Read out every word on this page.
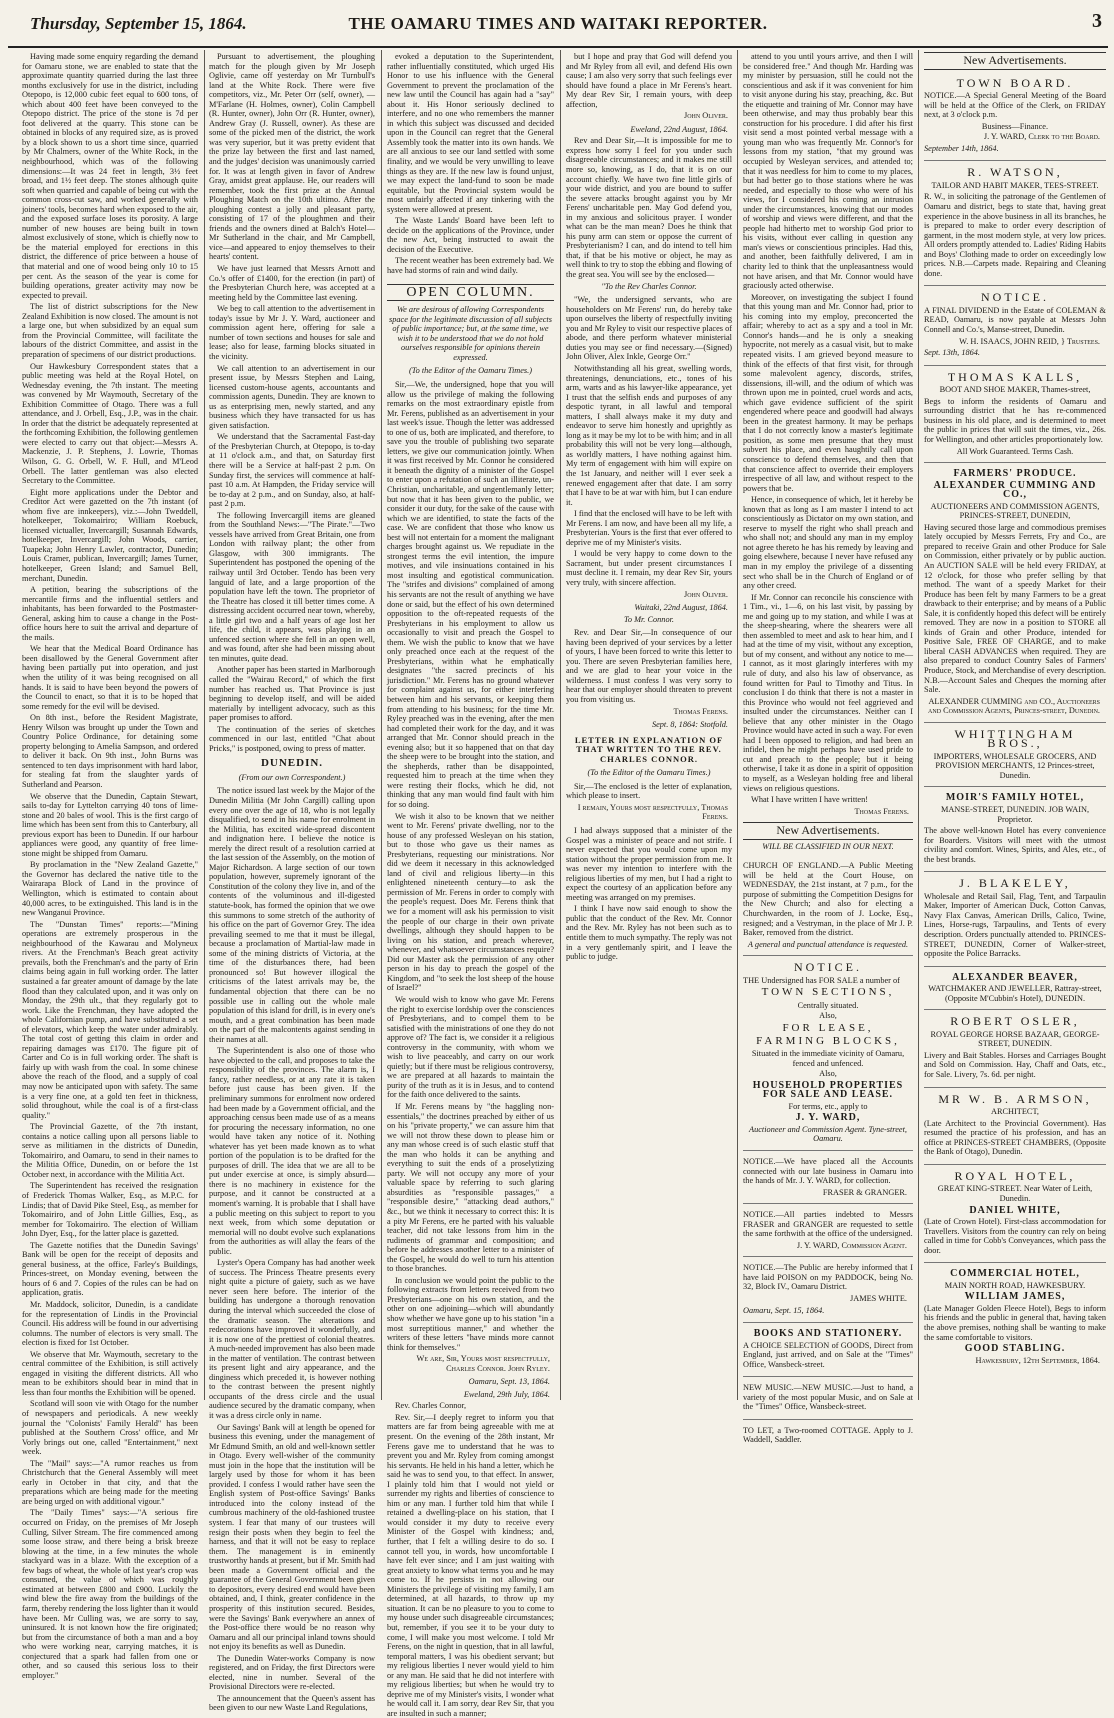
Thursday, September 15, 1864.	THE OAMARU TIMES AND WAITAKI REPORTER.	3

Having made some enquiry regarding the demand for Oamaru stone, we are enabled to state that the approximate quantity quarried during the last three months exclusively for use in the district, including Otepopo, is 12,000 cubic feet equal to 600 tons, of which about 400 feet have been conveyed to the Otepopo district. The price of the stone is 7d per foot delivered at the quarry. This stone can be obtained in blocks of any required size, as is proved by a block shown to us a short time since, quarried by Mr Chalmers, owner of the White Rock, in the neighbourhood, which was of the following dimensions:—It was 24 feet in length, 3½ feet broad, and 1½ feet deep. The stones although quite soft when quarried and capable of being cut with the common cross-cut saw, and worked generally with joiners' tools, becomes hard when exposed to the air, and the exposed surface loses its porosity. A large number of new houses are being built in town almost exclusively of stone, which is chiefly now to be the material employed for erections in this district, the difference of price between a house of that material and one of wood being only 10 to 15 per cent. As the season of the year is come for building operations, greater activity may now be expected to prevail.

The list of district subscriptions for the New Zealand Exhibition is now closed. The amount is not a large one, but when subsidized by an equal sum from the Provincial Committee, will facilitate the labours of the district Committee, and assist in the preparation of specimens of our district productions.

Our Hawkesbury Correspondent states that a public meeting was held at the Royal Hotel, on Wednesday evening, the 7th instant. The meeting was convened by Mr Waymouth, Secretary of the Exhibition Committee of Otago. There was a full attendance, and J. Orbell, Esq., J.P., was in the chair. In order that the district be adequately represented at the forthcoming Exhibition, the following gentlemen were elected to carry out that object:—Messrs A. Mackenzie, J. P. Stephens, J. Lowrie, Thomas Wilson, G. G. Orbell, W. F. Hull, and M'Leod Orbell. The latter gentleman was also elected Secretary to the Committee.

Eight more applications under the Debtor and Creditor Act were gazetted on the 7th instant (of whom five are innkeepers), viz.:—John Tweddell, hotelkeeper, Tokomairiro; William Roebuck, licensed victualler, Invercargill; Susannah Edwards, hotelkeeper, Invercargill; John Woods, carrier, Tuapeka; John Henry Lawler, contractor, Dunedin; Louis Cramer, publican, Invercargill; James Turner, hotelkeeper, Green Island; and Samuel Bell, merchant, Dunedin.

A petition, bearing the subscriptions of the mercantile firms and the influential settlers and inhabitants, has been forwarded to the Postmaster-General, asking him to cause a change in the Post-office hours here to suit the arrival and departure of the mails.

We hear that the Medical Board Ordinance has been disallowed by the General Government after having been partially put into operation, and just when the utility of it was being recognised on all hands. It is said to have been beyond the powers of the Council to enact, so that it is to be hoped that some remedy for the evil will be devised.

On 8th inst., before the Resident Magistrate, Henry Wilson was brought up under the Town and Country Police Ordinance, for detaining some property belonging to Amelia Sampson, and ordered to deliver it back. On 9th inst., John Burns was sentenced to ten days imprisonment with hard labor, for stealing fat from the slaughter yards of Sutherland and Pearson.

We observe that the Dunedin, Captain Stewart, sails to-day for Lyttelton carrying 40 tons of lime-stone and 20 bales of wool. This is the first cargo of lime which has been sent from this to Canterbury, all previous export has been to Dunedin. If our harbour appliances were good, any quantity of free lime-stone might be shipped from Oamaru.

By proclamation in the "New Zealand Gazette," the Governor has declared the native title to the Wairarapa Block of Land in the province of Wellington, which is estimated to contain about 40,000 acres, to be extinguished. This land is in the new Wanganui Province.

The "Dunstan Times" reports:—"Mining operations are extremely prosperous in the neighbourhood of the Kawarau and Molyneux rivers. At the Frenchman's Beach great activity prevails, both the Frenchman's and the party of Erin claims being again in full working order. The latter sustained a far greater amount of damage by the late flood than they calculated upon, and it was only on Monday, the 29th ult., that they regularly got to work. Like the Frenchman, they have adopted the whole Californian pump, and have substituted a set of elevators, which keep the water under admirably. The total cost of getting this claim in order and repairing damages was £170. The figure pit of Carter and Co is in full working order. The shaft is fairly up with wash from the coal. In some chinese above the reach of the flood, and a supply of coal may now be anticipated upon with safety. The same is a very fine one, at a gold ten feet in thickness, solid throughout, while the coal is of a first-class quality."

The Provincial Gazette, of the 7th instant, contains a notice calling upon all persons liable to serve as militiamen in the districts of Dunedin, Tokomairiro, and Oamaru, to send in their names to the Militia Office, Dunedin, on or before the 1st October next, in accordance with the Militia Act.

The Superintendent has received the resignation of Frederick Thomas Walker, Esq., as M.P.C. for Lindis; that of David Pike Steel, Esq., as member for Tokomairiro, and of John Little Gillies, Esq., as member for Tokomairiro. The election of William John Dyer, Esq., for the latter place is gazetted.

The Gazette notifies that the Dunedin Savings' Bank will be open for the receipt of deposits and general business, at the office, Farley's Buildings, Princes-street, on Monday evening, between the hours of 6 and 7. Copies of the rules can be had on application, gratis.

Mr. Maddock, solicitor, Dunedin, is a candidate for the representation of Lindis in the Provincial Council. His address will be found in our advertising columns. The number of electors is very small. The election is fixed for 1st October.

We observe that Mr. Waymouth, secretary to the central committee of the Exhibition, is still actively engaged in visiting the different districts. All who mean to be exhibitors should bear in mind that in less than four months the Exhibition will be opened.

Scotland will soon vie with Otago for the number of newspapers and periodicals. A new weekly journal the "Colonists' Family Herald" has been published at the Southern Cross' office, and Mr Vorly brings out one, called "Entertainment," next week.

The "Mail" says:—"A rumor reaches us from Christchurch that the General Assembly will meet early in October in that city, and that the preparations which are being made for the meeting are being urged on with additional vigour."

The "Daily Times" says:—"A serious fire occurred on Friday, on the premises of Mr Joseph Culling, Silver Stream. The fire commenced among some loose straw, and there being a brisk breeze blowing at the time, in a few minutes the whole stackyard was in a blaze. With the exception of a few bags of wheat, the whole of last year's crop was consumed, the value of which was roughly estimated at between £800 and £900. Luckily the wind blew the fire away from the buildings of the farm, thereby rendering the loss lighter than it would have been. Mr Culling was, we are sorry to say, uninsured. It is not known how the fire originated; but from the circumstance of both a man and a boy who were working near, carrying matches, it is conjectured that a spark had fallen from one or other, and so caused this serious loss to their employer."

Pursuant to advertisement, the ploughing match for the plough given by Mr Joseph Oglivie, came off yesterday on Mr Turnbull's land at the White Rock. There were five competitors, viz., Mr. Peter Orr (self, owner), — M'Farlane (H. Holmes, owner), Colin Campbell (R. Hunter, owner), John Orr (R. Hunter, owner), Andrew Gray (J. Russell, owner). As these are some of the picked men of the district, the work was very superior, but it was pretty evident that the prize lay between the first and last named, and the judges' decision was unanimously carried for. It was at length given in favor of Andrew Gray, amidst great applause. He, our readers will remember, took the first prize at the Annual Ploughing Match on the 10th ultimo. After the ploughing contest a jolly and pleasant party, consisting of 17 of the ploughmen and their friends and the owners dined at Balch's Hotel—Mr Sutherland in the chair, and Mr Campbell, vice—and appeared to enjoy themselves to their hearts' content.

We have just learned that Messrs Arnott and Co.'s offer of £1400, for the erection (in part) of the Presbyterian Church here, was accepted at a meeting held by the Committee last evening.

We beg to call attention to the advertisement in today's issue by Mr J. Y. Ward, auctioneer and commission agent here, offering for sale a number of town sections and houses for sale and lease; also for lease, farming blocks situated in the vicinity.

We call attention to an advertisement in our present issue, by Messrs Stephen and Laing, licensed custom-house agents, accountants and commission agents, Dunedin. They are known to us as enterprising men, newly started, and any business which they have transacted for us has given satisfaction.

We understand that the Sacramental Fast-day of the Presbyterian Church, at Otepopo, is to-day at 11 o'clock a.m., and that, on Saturday first there will be a Service at half-past 2 p.m. On Sunday first, the services will commence at half-past 10 a.m. At Hampden, the Friday service will be to-day at 2 p.m., and on Sunday, also, at half-past 2 p.m.

The following Invercargill items are gleaned from the Southland News:—"The Pirate."—Two vessels have arrived from Great Britain, one from London with railway plant; the other from Glasgow, with 300 immigrants. The Superintendent has postponed the opening of the railway until 3rd October. Tendo has been very languid of late, and a large proportion of the population have left the town. The proprietor of the Theatre has closed it till better times come. A distressing accident occurred near town, whereby, a little girl two and a half years of age lost her life, the child, it appears, was playing in an unfenced section where she fell in an open well, and was found, after she had been missing about ten minutes, quite dead.

Another paper has been started in Marlborough called the "Wairau Record," of which the first number has reached us. That Province is just beginning to develop itself, and will be aided materially by intelligent advocacy, such as this paper promises to afford.

The continuation of the series of sketches commenced in our last, entitled "Chat about Pricks," is postponed, owing to press of matter.

DUNEDIN.

(From our own Correspondent.)

The notice issued last week by the Major of the Dunedin Militia (Mr John Cargill) calling upon every one over the age of 18, who is not legally disqualified, to send in his name for enrolment in the Militia, has excited wide-spread discontent and indignation here. I believe the notice is merely the direct result of a resolution carried at the last session of the Assembly, on the motion of Major Richardson. A large section of our town population, however, supremely ignorant of the Constitution of the colony they live in, and of the contents of the voluminous and ill-digested statute-book, has formed the opinion that we owe this summons to some stretch of the authority of his office on the part of Governor Grey. The idea prevailing seemed to me that it must be illegal, because a proclamation of Martial-law made in some of the mining districts of Victoria, at the time of the disturbances there, had been pronounced so! But however illogical the criticisms of the latest arrivals may be, the fundamental objection that there can be no possible use in calling out the whole male population of this island for drill, is in every one's mouth, and a great combination has been made on the part of the malcontents against sending in their names at all.

The Superintendent is also one of those who have objected to the call, and proposes to take the responsibility of the provinces. The alarm is, I fancy, rather needless, or at any rate it is taken before just cause has been given. If the preliminary summons for enrolment now ordered had been made by a Government official, and the approaching census been made use of as a means for procuring the necessary information, no one would have taken any notice of it. Nothing whatever has yet been made known as to what portion of the population is to be drafted for the purposes of drill. The idea that we are all to be put under exercise at once, is simply absurd—there is no machinery in existence for the purpose, and it cannot be constructed at a moment's warning. It is probable that I shall have a public meeting on this subject to report to you next week, from which some deputation or memorial will no doubt evolve such explanations from the authorities as will allay the fears of the public.

Lyster's Opera Company has had another week of success. The Princess Theatre presents every night quite a picture of gaiety, such as we have never seen here before. The interior of the building has undergone a thorough renovation during the interval which succeeded the close of the dramatic season. The alterations and redecorations have improved it wonderfully, and it is now one of the prettiest of colonial theatres. A much-needed improvement has also been made in the matter of ventilation. The contrast between its present light and airy appearance, and the dinginess which preceded it, is however nothing to the contrast between the present nightly occupants of the dress circle and the usual audience secured by the dramatic company, when it was a dress circle only in name.

Our Savings' Bank will at length be opened for business this evening, under the management of Mr Edmund Smith, an old and well-known settler in Otago. Every well-wisher of the community must join in the hope that the institution will be largely used by those for whom it has been provided. I confess I would rather have seen the English system of Post-office Savings' Banks introduced into the colony instead of the cumbrous machinery of the old-fashioned trustee system. I fear that many of our trustees will resign their posts when they begin to feel the harness, and that it will not be easy to replace them. The management is in eminently trustworthy hands at present, but if Mr. Smith had been made a Government official and the guarantee of the General Government been given to depositors, every desired end would have been obtained, and, I think, greater confidence in the prosperity of this institution secured. Besides, were the Savings' Bank everywhere an annex of the Post-office there would be no reason why Oamaru and all our principal inland towns should not enjoy its benefits as well as Dunedin.

The Dunedin Water-works Company is now registered, and on Friday, the first Directors were elected, nine in number. Several of the Provisional Directors were re-elected.

The announcement that the Queen's assent has been given to our new Waste Land Regulations,

evoked a deputation to the Superintendent, rather influentially constituted, which urged His Honor to use his influence with the General Government to prevent the proclamation of the new law until the Council has again had a "say" about it. His Honor seriously declined to interfere, and no one who remembers the manner in which this subject was discussed and decided upon in the Council can regret that the General Assembly took the matter into its own hands. We are all anxious to see our land settled with some finality, and we would be very unwilling to leave things as they are. If the new law is found unjust, we may expect the land-fund to soon be made equitable, but the Provincial system would be most unfairly affected if any tinkering with the system were allowed at present.

The Waste Lands' Board have been left to decide on the applications of the Province, under the new Act, being instructed to await the decision of the Executive.

The recent weather has been extremely bad. We have had storms of rain and wind daily.

OPEN COLUMN.

We are desirous of allowing Correspondents space for the legitimate discussion of all subjects of public importance; but, at the same time, we wish it to be understood that we do not hold ourselves responsible for opinions therein expressed.

(To the Editor of the Oamaru Times.)

Sir,—We, the undersigned, hope that you will allow us the privilege of making the following remarks on the most extraordinary epistle from Mr. Ferens, published as an advertisement in your last week's issue. Though the letter was addressed to one of us, both are implicated, and therefore, to save you the trouble of publishing two separate letters, we give our communication jointly. When it was first received by Mr. Connor he considered it beneath the dignity of a minister of the Gospel to enter upon a refutation of such an illiterate, un-Christian, uncharitable, and ungentlemanly letter; but now that it has been given to the public, we consider it our duty, for the sake of the cause with which we are identified, to state the facts of the case. We are confident that those who know us best will not entertain for a moment the malignant charges brought against us. We repudiate in the strongest terms the evil intention, the impure motives, and vile insinuations contained in his most insulting and egotistical communication. The "strifes and divisions" complained of among his servants are not the result of anything we have done or said, but the effect of his own determined opposition to the oft-repeated requests of the Presbyterians in his employment to allow us occasionally to visit and preach the Gospel to them. We wish the public to know that we have only preached once each at the request of the Presbyterians, within what he emphatically designates "the sacred precincts of his jurisdiction." Mr. Ferens has no ground whatever for complaint against us, for either interfering between him and his servants, or keeping them from attending to his business; for the time Mr. Ryley preached was in the evening, after the men had completed their work for the day, and it was arranged that Mr. Connor should preach in the evening also; but it so happened that on that day the sheep were to be brought into the station, and the shepherds, rather than be disappointed, requested him to preach at the time when they were resting their flocks, which he did, not thinking that any man would find fault with him for so doing.

We wish it also to be known that we neither went to Mr. Ferens' private dwelling, nor to the house of any professed Wesleyan on his station, but to those who gave us their names as Presbyterians, requesting our ministrations. Nor did we deem it necessary in this acknowledged land of civil and religious liberty—in this enlightened nineteenth century—to ask the permission of Mr. Ferens in order to comply with the people's request. Does Mr. Ferens think that we for a moment will ask his permission to visit the people of our charge in their own private dwellings, although they should happen to be living on his station, and preach wherever, whenever, and whatsoever circumstances require? Did our Master ask the permission of any other person in his day to preach the gospel of the Kingdom, and "to seek the lost sheep of the house of Israel?"

We would wish to know who gave Mr. Ferens the right to exercise lordship over the consciences of Presbyterians, and to compel them to be satisfied with the ministrations of one they do not approve of? The fact is, we consider it a religious controversy in the community, with whom we wish to live peaceably, and carry on our work quietly; but if there must be religious controversy, we are prepared at all hazards to maintain the purity of the truth as it is in Jesus, and to contend for the faith once delivered to the saints.

If Mr. Ferens means by "the haggling non-essentials," the doctrines preached by either of us on his "private property," we can assure him that we will not throw these down to please him or any man whose creed is of such elastic stuff that the man who holds it can be anything and everything to suit the ends of a proselytizing party. We will not occupy any more of your valuable space by referring to such glaring absurdities as "responsible passages," a "responsible desire," "attacking dead authors," &c., but we think it necessary to correct this: It is a pity Mr Ferens, ere he parted with his valuable teacher, did not take lessons from him in the rudiments of grammar and composition; and before he addresses another letter to a minister of the Gospel, he would do well to turn his attention to those branches.

In conclusion we would point the public to the following extracts from letters received from two Presbyterians—one on his own station, and the other on one adjoining—which will abundantly show whether we have gone up to his station "in a most surreptitious manner," and whether the writers of these letters "have minds more cannot think for themselves."

We are, Sir, Yours most respectfully, Charles Connor. John Ryley.

Oamaru, Sept. 13, 1864.

Eweland, 29th July, 1864.

Rev. Charles Connor,

Rev. Sir,—I deeply regret to inform you that matters are far from being agreeable with me at present. On the evening of the 28th instant, Mr Ferens gave me to understand that he was to prevent you and Mr. Ryley from coming amongst his servants. He held in his hand a letter, which he said he was to send you, to that effect. In answer, I plainly told him that I would not yield or surrender my rights and liberties of conscience to him or any man. I further told him that while I retained a dwelling-place on his station, that I would consider it my duty to receive every Minister of the Gospel with kindness; and, further, that I felt a willing desire to do so. I cannot tell you, in words, how uncomfortable I have felt ever since; and I am just waiting with great anxiety to know what terms you and he may come to. If he persists in not allowing our Ministers the privilege of visiting my family, I am determined, at all hazards, to throw up my situation. It can be no pleasure to you to come to my house under such disagreeable circumstances; but, remember, if you see it to be your duty to come, I will make you most welcome. I told Mr Ferens, on the night in question, that in all lawful, temporal matters, I was his obedient servant; but my religious liberties I never would yield to him or any man. He said that he did not interfere with my religious liberties; but when he would try to deprive me of my Minister's visits, I wonder what he would call it. I am sorry, dear Rev Sir, that you are insulted in such a manner;

but I hope and pray that God will defend you and Mr Ryley from all evil, and defend His own cause; I am also very sorry that such feelings ever should have found a place in Mr Ferens's heart. My dear Rev Sir, I remain yours, with deep affection,

John Oliver.

Eweland, 22nd August, 1864.

Rev and Dear Sir,—It is impossible for me to express how sorry I feel for you under such disagreeable circumstances; and it makes me still more so, knowing, as I do, that it is on our account chiefly. We have two fine little girls of your wide district, and you are bound to suffer the severe attacks brought against you by Mr Ferens' uncharitable pen. May God defend you, in my anxious and solicitous prayer. I wonder what can be the man mean? Does he think that his puny arm can stem or oppose the current of Presbyterianism? I can, and do intend to tell him that, if that be his motive or object, he may as well think to try to stop the ebbing and flowing of the great sea. You will see by the enclosed—

"To the Rev Charles Connor.

"We, the undersigned servants, who are householders on Mr Ferens' run, do hereby take upon ourselves the liberty of respectfully inviting you and Mr Ryley to visit our respective places of abode, and there perform whatever ministerial duties you may see or find necessary.—(Signed) John Oliver, Alex Inkle, George Orr."

Notwithstanding all his great, swelling words, threatenings, denunciations, etc., tones of his arm, warts and as his lawyer-like appearance, yet I trust that the selfish ends and purposes of any despotic tyrant, in all lawful and temporal matters, I shall always make it my duty and endeavor to serve him honestly and uprightly as long as it may be my lot to be with him; and in all probability this will not be very long—although, as worldly matters, I have nothing against him. My term of engagement with him will expire on the 1st January, and neither will I ever seek a renewed engagement after that date. I am sorry that I have to be at war with him, but I can endure it.

I find that the enclosed will have to be left with Mr Ferens. I am now, and have been all my life, a Presbyterian. Yours is the first that ever offered to deprive me of my Minister's visits.

I would be very happy to come down to the Sacrament, but under present circumstances I must decline it. I remain, my dear Rev Sir, yours very truly, with sincere affection.

John Oliver.

Waitaki, 22nd August, 1864.

To Mr. Connor.

Rev. and Dear Sir,—In consequence of our having been deprived of your services by a letter of yours, I have been forced to write this letter to you. There are seven Presbyterian families here, and we are glad to hear your voice in the wilderness. I must confess I was very sorry to hear that our employer should threaten to prevent you from visiting us.

Thomas Ferens.

Sept. 8, 1864: Stotfold.

LETTER IN EXPLANATION OF THAT WRITTEN TO THE REV. CHARLES CONNOR.

(To the Editor of the Oamaru Times.)

Sir,—The enclosed is the letter of explanation, which please to insert.

I remain, Yours most respectfully, Thomas Ferens.

I had always supposed that a minister of the Gospel was a minister of peace and not strife. I never expected that you would come upon my station without the proper permission from me. It was never my intention to interfere with the religious liberties of my men, but I had a right to expect the courtesy of an application before any meeting was arranged on my premises.

I think I have now said enough to show the public that the conduct of the Rev. Mr. Connor and the Rev. Mr. Ryley has not been such as to entitle them to much sympathy. The reply was not in a very gentlemanly spirit, and I leave the public to judge.

attend to you until yours arrive, and then I will be considered free." And though Mr. Harding was my minister by persuasion, still he could not the conscientious and ask if it was convenient for him to visit anyone during his stay, preaching, &c. But the etiquette and training of Mr. Connor may have been otherwise, and may thus probably bear this construction for his procedure. I did after his first visit send a most pointed verbal message with a young man who was frequently Mr. Connor's for lessons from my station, "that my ground was occupied by Wesleyan services, and attended to; that it was needless for him to come to my places, but had better go to those stations where he was needed, and especially to those who were of his views, for I considered his coming an intrusion under the circumstances, knowing that our modes of worship and views were different, and that the people had hitherto met to worship God prior to his visits, without ever calling in question any man's views or conscientious principles. Had this, and another, been faithfully delivered, I am in charity led to think that the unpleasantness would not have arisen, and that Mr. Connor would have graciously acted otherwise.

Moreover, on investigating the subject I found that this young man and Mr. Connor had, prior to his coming into my employ, preconcerted the affair; whereby to act as a spy and a tool in Mr. Connor's hands—and he is only a sneaking hypocrite, not merely as a casual visit, but to make repeated visits. I am grieved beyond measure to think of the effects of that first visit, for through some malevolent agency, discords, strifes, dissensions, ill-will, and the odium of which was thrown upon me in pointed, cruel words and acts, which gave evidence sufficient of the spirit engendered where peace and goodwill had always been in the greatest harmony. It may be perhaps that I do not correctly know a master's legitimate position, as some men presume that they must subvert his place, and even haughtily call upon conscience to defend themselves, and then that that conscience affect to override their employers irrespective of all law, and without respect to the powers that be.

Hence, in consequence of which, let it hereby be known that as long as I am master I intend to act conscientiously as Dictator on my own station, and reserve to myself the right who shall preach and who shall not; and should any man in my employ not agree thereto he has his remedy by leaving and going elsewhere, because I never have refused any man in my employ the privilege of a dissenting sect who shall be in the Church of England or of any other creed.

If Mr. Connor can reconcile his conscience with 1 Tim., vi., 1—6, on his last visit, by passing by me and going up to my station, and while I was at the sheep-shearing, where the shearers were all then assembled to meet and ask to hear him, and I had at the time of my visit, without any exception, but of my consent, and without any notice to me—I cannot, as it most glaringly interferes with my rule of duty, and also his law of observance, as found written for Paul to Timothy and Titus. In conclusion I do think that there is not a master in this Province who would not feel aggrieved and insulted under the circumstances. Neither can I believe that any other minister in the Otago Province would have acted in such a way. For even had I been opposed to religion, and had been an infidel, then he might perhaps have used pride to cut and preach to the people; but it being otherwise, I take it as done in a spirit of opposition to myself, as a Wesleyan holding free and liberal views on religious questions.

What I have written I have written!

Thomas Ferens.

New Advertisements.

WILL BE CLASSIFIED IN OUR NEXT.

CHURCH OF ENGLAND.—A Public Meeting will be held at the Court House, on WEDNESDAY, the 21st instant, at 7 p.m., for the purpose of submitting the Competition Designs for the New Church; and also for electing a Churchwarden, in the room of J. Locke, Esq., resigned; and a Vestryman, in the place of Mr J. P. Baker, removed from the district.

A general and punctual attendance is requested.

NOTICE.

THE Undersigned has FOR SALE a number of

TOWN SECTIONS,

Centrally situated.

Also,

FOR LEASE,

FARMING BLOCKS,

Situated in the immediate vicinity of Oamaru, fenced and unfenced.

Also,

HOUSEHOLD PROPERTIES FOR SALE AND LEASE.

For terms, etc., apply to

J. Y. WARD,

Auctioneer and Commission Agent. Tyne-street, Oamaru.

NOTICE.—We have placed all the Accounts connected with our late business in Oamaru into the hands of Mr. J. Y. WARD, for collection.

FRASER & GRANGER.

NOTICE.—All parties indebted to Messrs FRASER and GRANGER are requested to settle the same forthwith at the office of the undersigned.

J. Y. WARD, Commission Agent.

NOTICE.—The Public are hereby informed that I have laid POISON on my PADDOCK, being No. 32, Block IV., Oamaru District.

JAMES WHITE.

Oamaru, Sept. 15, 1864.

BOOKS AND STATIONERY.

A CHOICE SELECTION of GOODS, Direct from England, just arrived, and on Sale at the "Times" Office, Wansbeck-street.

NEW MUSIC.—NEW MUSIC.—Just to hand, a variety of the most popular Music, and on Sale at the "Times" Office, Wansbeck-street.

TO LET, a Two-roomed COTTAGE. Apply to J. Waddell, Saddler.

New Advertisements.

TOWN BOARD.

NOTICE.—A Special General Meeting of the Board will be held at the Office of the Clerk, on FRIDAY next, at 3 o'clock p.m.

Business—Finance.

J. Y. WARD, Clerk to the Board.

September 14th, 1864.

R. WATSON,

TAILOR AND HABIT MAKER, TEES-STREET.

R. W., in soliciting the patronage of the Gentlemen of Oamaru and district, begs to state that, having great experience in the above business in all its branches, he is prepared to make to order every description of garment, in the most modern style, at very low prices. All orders promptly attended to. Ladies' Riding Habits and Boys' Clothing made to order on exceedingly low prices. N.B.—Carpets made. Repairing and Cleaning done.

NOTICE.

A FINAL DIVIDEND in the Estate of COLEMAN & READ, Oamaru, is now payable at Messrs John Connell and Co.'s, Manse-street, Dunedin.

W. H. ISAACS, JOHN REID, } Trustees.

Sept. 13th, 1864.

THOMAS KALLS,

BOOT AND SHOE MAKER, Thames-street,

Begs to inform the residents of Oamaru and surrounding district that he has re-commenced business in his old place, and is determined to meet the public in prices that will suit the times, viz., 26s. for Wellington, and other articles proportionately low.

All Work Guaranteed. Terms Cash.

FARMERS' PRODUCE.

ALEXANDER CUMMING AND CO.,

AUCTIONEERS AND COMMISSION AGENTS, PRINCES-STREET, DUNEDIN,

Having secured those large and commodious premises lately occupied by Messrs Ferrets, Fry and Co., are prepared to receive Grain and other Produce for Sale on Commission, either privately or by public auction. An AUCTION SALE will be held every FRIDAY, at 12 o'clock, for those who prefer selling by that method. The want of a speedy Market for their Produce has been felt by many Farmers to be a great drawback to their enterprise; and by means of a Public Sale, it is confidently hoped this defect will be entirely removed. They are now in a position to STORE all kinds of Grain and other Produce, intended for Positive Sale, FREE OF CHARGE, and to make liberal CASH ADVANCES when required. They are also prepared to conduct Country Sales of Farmers' Produce, Stock, and Merchandise of every description. N.B.—Account Sales and Cheques the morning after Sale.

ALEXANDER CUMMING and CO., Auctioneers and Commission Agents, Princes-street, Dunedin.

WHITTINGHAM BROS.,

IMPORTERS, WHOLESALE GROCERS, AND PROVISION MERCHANTS, 12 Princes-street, Dunedin.

MOIR'S FAMILY HOTEL,

MANSE-STREET, DUNEDIN. JOB WAIN, Proprietor.

The above well-known Hotel has every convenience for Boarders. Visitors will meet with the utmost civility and comfort. Wines, Spirits, and Ales, etc., of the best brands.

J. BLAKELEY,

Wholesale and Retail Sail, Flag, Tent, and Tarpaulin Maker, Importer of American Duck, Cotton Canvas, Navy Flax Canvas, American Drills, Calico, Twine, Lines, Horse-rugs, Tarpaulins, and Tents of every description. Orders punctually attended to. PRINCES-STREET, DUNEDIN, Corner of Walker-street, opposite the Police Barracks.

ALEXANDER BEAVER,

WATCHMAKER AND JEWELLER, Rattray-street, (Opposite M'Cubbin's Hotel), DUNEDIN.

ROBERT OSLER,

ROYAL GEORGE HORSE BAZAAR, GEORGE-STREET, DUNEDIN.

Livery and Bait Stables. Horses and Carriages Bought and Sold on Commission. Hay, Chaff and Oats, etc., for Sale. Livery, 7s. 6d. per night.

MR W. B. ARMSON,

ARCHITECT,

(Late Architect to the Provincial Government). Has resumed the practice of his profession, and has an office at PRINCES-STREET CHAMBERS, (Opposite the Bank of Otago), Dunedin.

ROYAL HOTEL,

GREAT KING-STREET. Near Water of Leith, Dunedin.

DANIEL WHITE,

(Late of Crown Hotel). First-class accommodation for Travellers. Visitors from the country can rely on being called in time for Cobb's Conveyances, which pass the door.

COMMERCIAL HOTEL,

MAIN NORTH ROAD, HAWKESBURY.

WILLIAM JAMES,

(Late Manager Golden Fleece Hotel), Begs to inform his friends and the public in general that, having taken the above premises, nothing shall be wanting to make the same comfortable to visitors.

GOOD STABLING.

Hawkesbury, 12th September, 1864.
